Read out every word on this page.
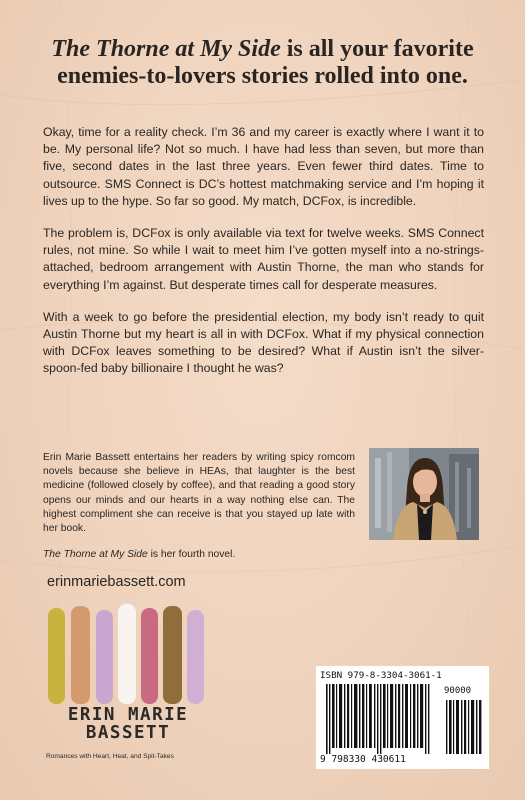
The Thorne at My Side is all your favorite
enemies-to-lovers stories rolled into one.

Okay, time for a reality check. I’m 36 and my career is exactly where I want it to be. My personal life? Not so much. I have had less than seven, but more than five, second dates in the last three years. Even fewer third dates. Time to outsource. SMS Connect is DC’s hottest matchmaking service and I’m hoping it lives up to the hype. So far so good. My match, DCFox, is incredible.

The problem is, DCFox is only available via text for twelve weeks. SMS Connect rules, not mine. So while I wait to meet him I’ve gotten myself into a no-strings-attached, bedroom arrangement with Austin Thorne, the man who stands for everything I’m against. But desperate times call for desperate measures.

With a week to go before the presidential election, my body isn’t ready to quit Austin Thorne but my heart is all in with DCFox. What if my physical connection with DCFox leaves something to be desired? What if Austin isn’t the silver-spoon-fed baby billionaire I thought he was?

Erin Marie Bassett entertains her readers by writing spicy romcom novels because she believe in HEAs, that laughter is the best medicine (followed closely by coffee), and that reading a good story opens our minds and our hearts in a way nothing else can. The highest compliment she can receive is that you stayed up late with her book.

The Thorne at My Side is her fourth novel.

erinmariebassett.com
ERIN MARIE
BASSETT
Romances with Heart, Heat, and Spit-Takes
ISBN 979-8-3304-3061-1
90000
9 798330 430611
